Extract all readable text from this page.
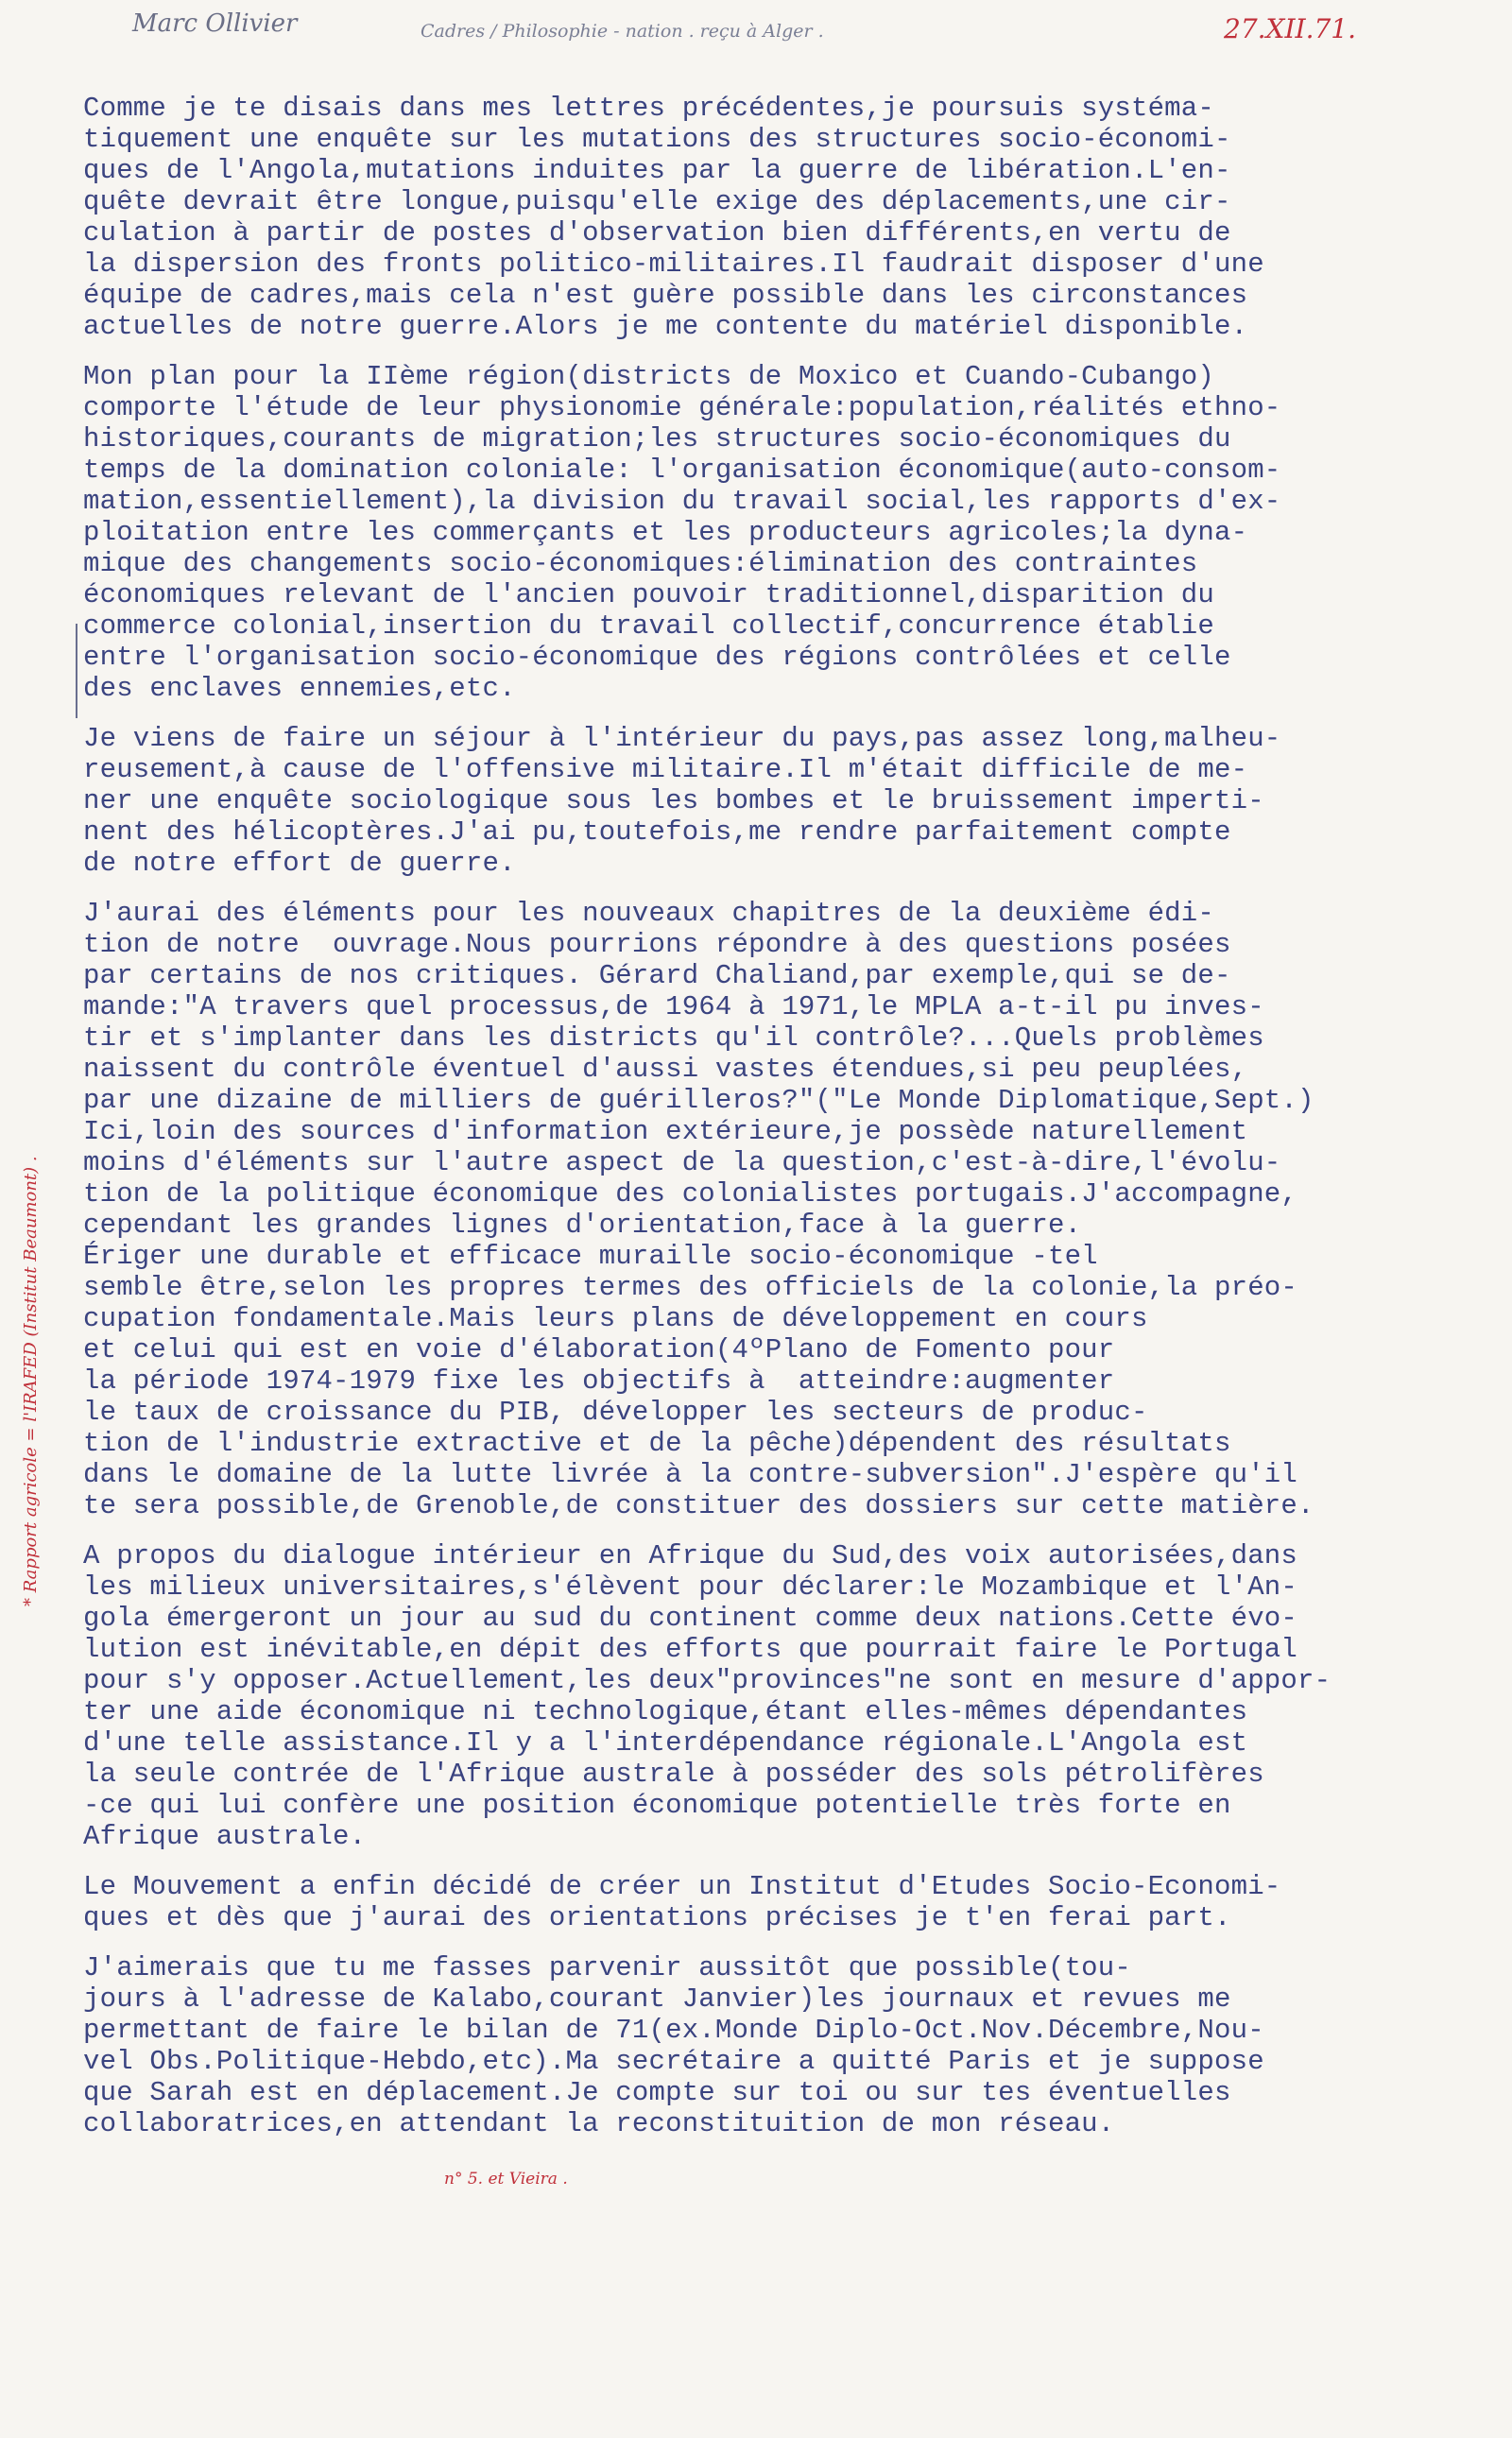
Marc Ollivier	Cadres / Philosophie - nation . reçu à Alger .	27.XII.71.
* Rapport agricole = l'IRAFED (Institut Beaumont) .
n° 5. et Vieira .
Comme je te disais dans mes lettres précédentes,je poursuis systéma-
tiquement une enquête sur les mutations des structures socio-économi-
ques de l'Angola,mutations induites par la guerre de libération.L'en-
quête devrait être longue,puisqu'elle exige des déplacements,une cir-
culation à partir de postes d'observation bien différents,en vertu de
la dispersion des fronts politico-militaires.Il faudrait disposer d'une
équipe de cadres,mais cela n'est guère possible dans les circonstances
actuelles de notre guerre.Alors je me contente du matériel disponible.
Mon plan pour la IIème région(districts de Moxico et Cuando-Cubango)
comporte l'étude de leur physionomie générale:population,réalités ethno-
historiques,courants de migration;les structures socio-économiques du
temps de la domination coloniale: l'organisation économique(auto-consom-
mation,essentiellement),la division du travail social,les rapports d'ex-
ploitation entre les commerçants et les producteurs agricoles;la dyna-
mique des changements socio-économiques:élimination des contraintes
économiques relevant de l'ancien pouvoir traditionnel,disparition du
commerce colonial,insertion du travail collectif,concurrence établie
entre l'organisation socio-économique des régions contrôlées et celle
des enclaves ennemies,etc.
Je viens de faire un séjour à l'intérieur du pays,pas assez long,malheu-
reusement,à cause de l'offensive militaire.Il m'était difficile de me-
ner une enquête sociologique sous les bombes et le bruissement imperti-
nent des hélicoptères.J'ai pu,toutefois,me rendre parfaitement compte
de notre effort de guerre.
J'aurai des éléments pour les nouveaux chapitres de la deuxième édi-
tion de notre  ouvrage.Nous pourrions répondre à des questions posées
par certains de nos critiques. Gérard Chaliand,par exemple,qui se de-
mande:"A travers quel processus,de 1964 à 1971,le MPLA a-t-il pu inves-
tir et s'implanter dans les districts qu'il contrôle?...Quels problèmes
naissent du contrôle éventuel d'aussi vastes étendues,si peu peuplées,
par une dizaine de milliers de guérilleros?"("Le Monde Diplomatique,Sept.)
Ici,loin des sources d'information extérieure,je possède naturellement
moins d'éléments sur l'autre aspect de la question,c'est-à-dire,l'évolu-
tion de la politique économique des colonialistes portugais.J'accompagne,
cependant les grandes lignes d'orientation,face à la guerre.
Ériger une durable et efficace muraille socio-économique -tel
semble être,selon les propres termes des officiels de la colonie,la préo-
cupation fondamentale.Mais leurs plans de développement en cours
et celui qui est en voie d'élaboration(4ºPlano de Fomento pour
la période 1974-1979 fixe les objectifs à  atteindre:augmenter
le taux de croissance du PIB, développer les secteurs de produc-
tion de l'industrie extractive et de la pêche)dépendent des résultats
dans le domaine de la lutte livrée à la contre-subversion".J'espère qu'il
te sera possible,de Grenoble,de constituer des dossiers sur cette matière.
A propos du dialogue intérieur en Afrique du Sud,des voix autorisées,dans
les milieux universitaires,s'élèvent pour déclarer:le Mozambique et l'An-
gola émergeront un jour au sud du continent comme deux nations.Cette évo-
lution est inévitable,en dépit des efforts que pourrait faire le Portugal
pour s'y opposer.Actuellement,les deux"provinces"ne sont en mesure d'appor-
ter une aide économique ni technologique,étant elles-mêmes dépendantes
d'une telle assistance.Il y a l'interdépendance régionale.L'Angola est
la seule contrée de l'Afrique australe à posséder des sols pétrolifères
-ce qui lui confère une position économique potentielle très forte en
Afrique australe.
Le Mouvement a enfin décidé de créer un Institut d'Etudes Socio-Economi-
ques et dès que j'aurai des orientations précises je t'en ferai part.
J'aimerais que tu me fasses parvenir aussitôt que possible(tou-
jours à l'adresse de Kalabo,courant Janvier)les journaux et revues me
permettant de faire le bilan de 71(ex.Monde Diplo-Oct.Nov.Décembre,Nou-
vel Obs.Politique-Hebdo,etc).Ma secrétaire a quitté Paris et je suppose
que Sarah est en déplacement.Je compte sur toi ou sur tes éventuelles
collaboratrices,en attendant la reconstituition de mon réseau.
